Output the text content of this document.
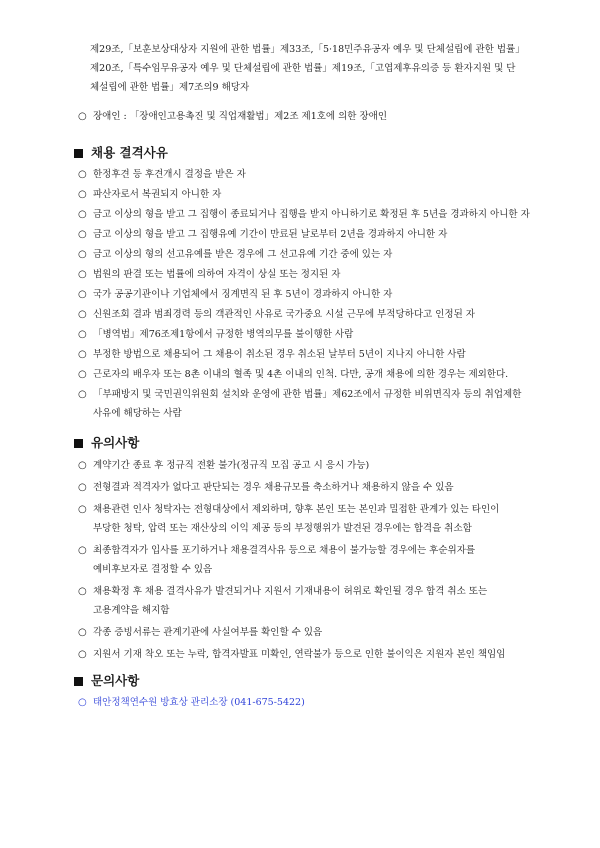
제29조,「보훈보상대상자 지원에 관한 법률」제33조,「5·18민주유공자 예우 및 단체설립에 관한 법률」
제20조,「특수임무유공자 예우 및 단체설립에 관한 법률」제19조,「고엽제후유의증 등 환자지원 및 단
체설립에 관한 법률」제7조의9 해당자
○ 장애인 : 「장애인고용촉진 및 직업재활법」제2조 제1호에 의한 장애인
채용 결격사유
○ 한정후견 등 후견개시 결정을 받은 자
○ 파산자로서 복권되지 아니한 자
○ 금고 이상의 형을 받고 그 집행이 종료되거나 집행을 받지 아니하기로 확정된 후 5년을 경과하지 아니한 자
○ 금고 이상의 형을 받고 그 집행유예 기간이 만료된 날로부터 2년을 경과하지 아니한 자
○ 금고 이상의 형의 선고유예를 받은 경우에 그 선고유예 기간 중에 있는 자
○ 법원의 판결 또는 법률에 의하여 자격이 상실 또는 정지된 자
○ 국가 공공기관이나 기업체에서 징계면직 된 후 5년이 경과하지 아니한 자
○ 신원조회 결과 범죄경력 등의 객관적인 사유로 국가중요 시설 근무에 부적당하다고 인정된 자
○ 「병역법」제76조제1항에서 규정한 병역의무를 불이행한 사람
○ 부정한 방법으로 채용되어 그 채용이 취소된 경우 취소된 날부터 5년이 지나지 아니한 사람
○ 근로자의 배우자 또는 8촌 이내의 혈족 및 4촌 이내의 인척. 다만, 공개 채용에 의한 경우는 제외한다.
○ 「부패방지 및 국민권익위원회 설치와 운영에 관한 법률」제62조에서 규정한 비위면직자 등의 취업제한
사유에 해당하는 사람
유의사항
○ 계약기간 종료 후 정규직 전환 불가(정규직 모집 공고 시 응시 가능)
○ 전형결과 적격자가 없다고 판단되는 경우 채용규모를 축소하거나 채용하지 않을 수 있음
○ 채용관련 인사 청탁자는 전형대상에서 제외하며, 향후 본인 또는 본인과 밀접한 관계가 있는 타인이
부당한 청탁, 압력 또는 재산상의 이익 제공 등의 부정행위가 발견된 경우에는 합격을 취소함
○ 최종합격자가 입사를 포기하거나 채용결격사유 등으로 채용이 불가능할 경우에는 후순위자를
예비후보자로 결정할 수 있음
○ 채용확정 후 채용 결격사유가 발견되거나 지원서 기재내용이 허위로 확인될 경우 합격 취소 또는
고용계약을 해지함
○ 각종 증빙서류는 관계기관에 사실여부를 확인할 수 있음
○ 지원서 기재 착오 또는 누락, 합격자발표 미확인, 연락불가 등으로 인한 불이익은 지원자 본인 책임임
문의사항
○ 태안정책연수원 방효상 관리소장 (041-675-5422)
